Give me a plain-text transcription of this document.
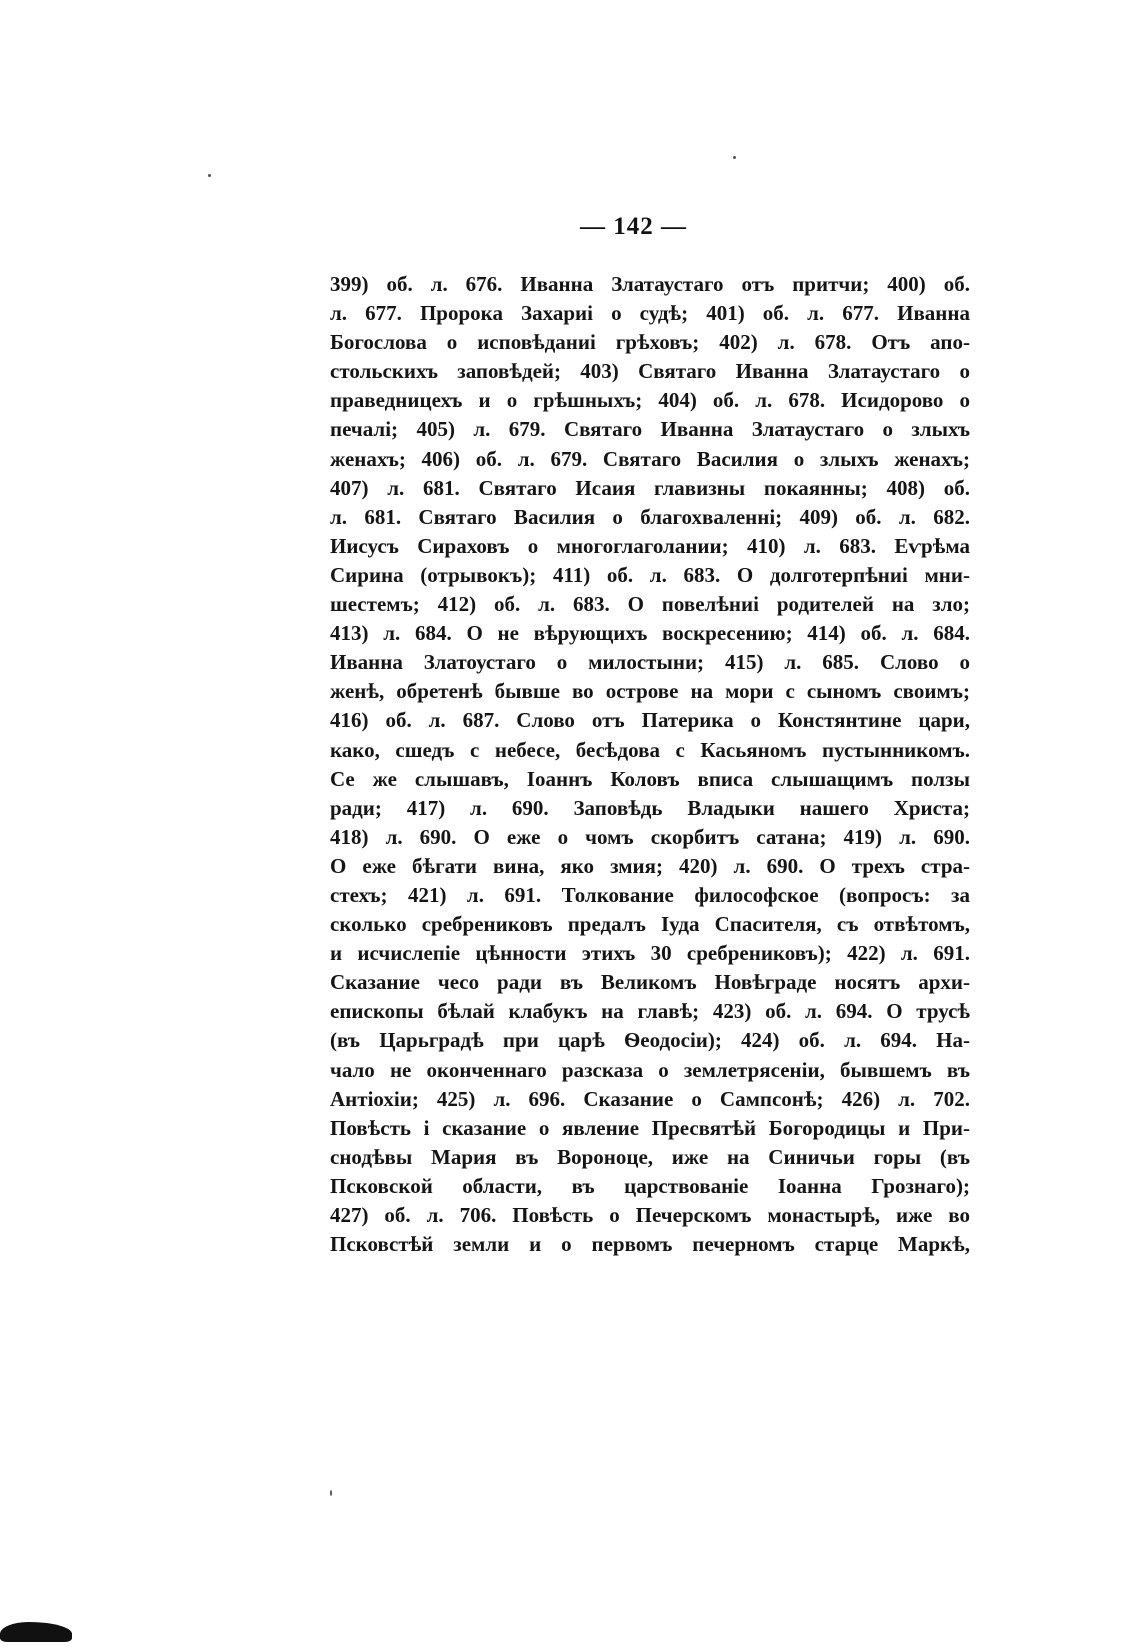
— 142 —
399) об. л. 676. Иванна Златаустаго отъ притчи; 400) об.
л. 677. Пророка Захариі о судѣ; 401) об. л. 677. Иванна
Богослова о исповѣданиі грѣховъ; 402) л. 678. Отъ апо-
стольскихъ заповѣдей; 403) Святаго Иванна Златаустаго о
праведницехъ и о грѣшныхъ; 404) об. л. 678. Исидорово о
печалі; 405) л. 679. Святаго Иванна Златаустаго о злыхъ
женахъ; 406) об. л. 679. Святаго Василия о злыхъ женахъ;
407) л. 681. Святаго Исаия главизны покаянны; 408) об.
л. 681. Святаго Василия о благохваленні; 409) об. л. 682.
Иисусъ Сираховъ о многоглаголании; 410) л. 683. Еѵрѣма
Сирина (отрывокъ); 411) об. л. 683. О долготерпѣниі мни-
шестемъ; 412) об. л. 683. О повелѣниі родителей на зло;
413) л. 684. О не вѣрующихъ воскресению; 414) об. л. 684.
Иванна Златоустаго о милостыни; 415) л. 685. Слово о
женѣ, обретенѣ бывше во острове на мори с сыномъ своимъ;
416) об. л. 687. Слово отъ Патерика о Констянтине цари,
како, сшедъ с небесе, бесѣдова с Касьяномъ пустынникомъ.
Се же слышавъ, Іоаннъ Коловъ вписа слышащимъ ползы
ради; 417) л. 690. Заповѣдь Владыки нашего Христа;
418) л. 690. О еже о чомъ скорбитъ сатана; 419) л. 690.
О еже бѣгати вина, яко змия; 420) л. 690. О трехъ стра-
стехъ; 421) л. 691. Толкование философское (вопросъ: за
сколько сребрениковъ предалъ Іуда Спасителя, съ отвѣтомъ,
и исчислепіе цѣнности этихъ 30 сребрениковъ); 422) л. 691.
Сказание чесо ради въ Великомъ Новѣграде носятъ архи-
епископы бѣлай клабукъ на главѣ; 423) об. л. 694. О трусѣ
(въ Царьградѣ при царѣ Ѳеодосіи); 424) об. л. 694. На-
чало не оконченнаго разсказа о землетрясеніи, бывшемъ въ
Антіохіи; 425) л. 696. Сказание о Сампсонѣ; 426) л. 702.
Повѣсть і сказание о явление Пресвятѣй Богородицы и При-
снодѣвы Мария въ Вороноце, иже на Синичьи горы (въ
Псковской области, въ царствованіе Іоанна Грознаго);
427) об. л. 706. Повѣсть о Печерскомъ монастырѣ, иже во
Псковстѣй земли и о первомъ печерномъ старце Маркѣ,
